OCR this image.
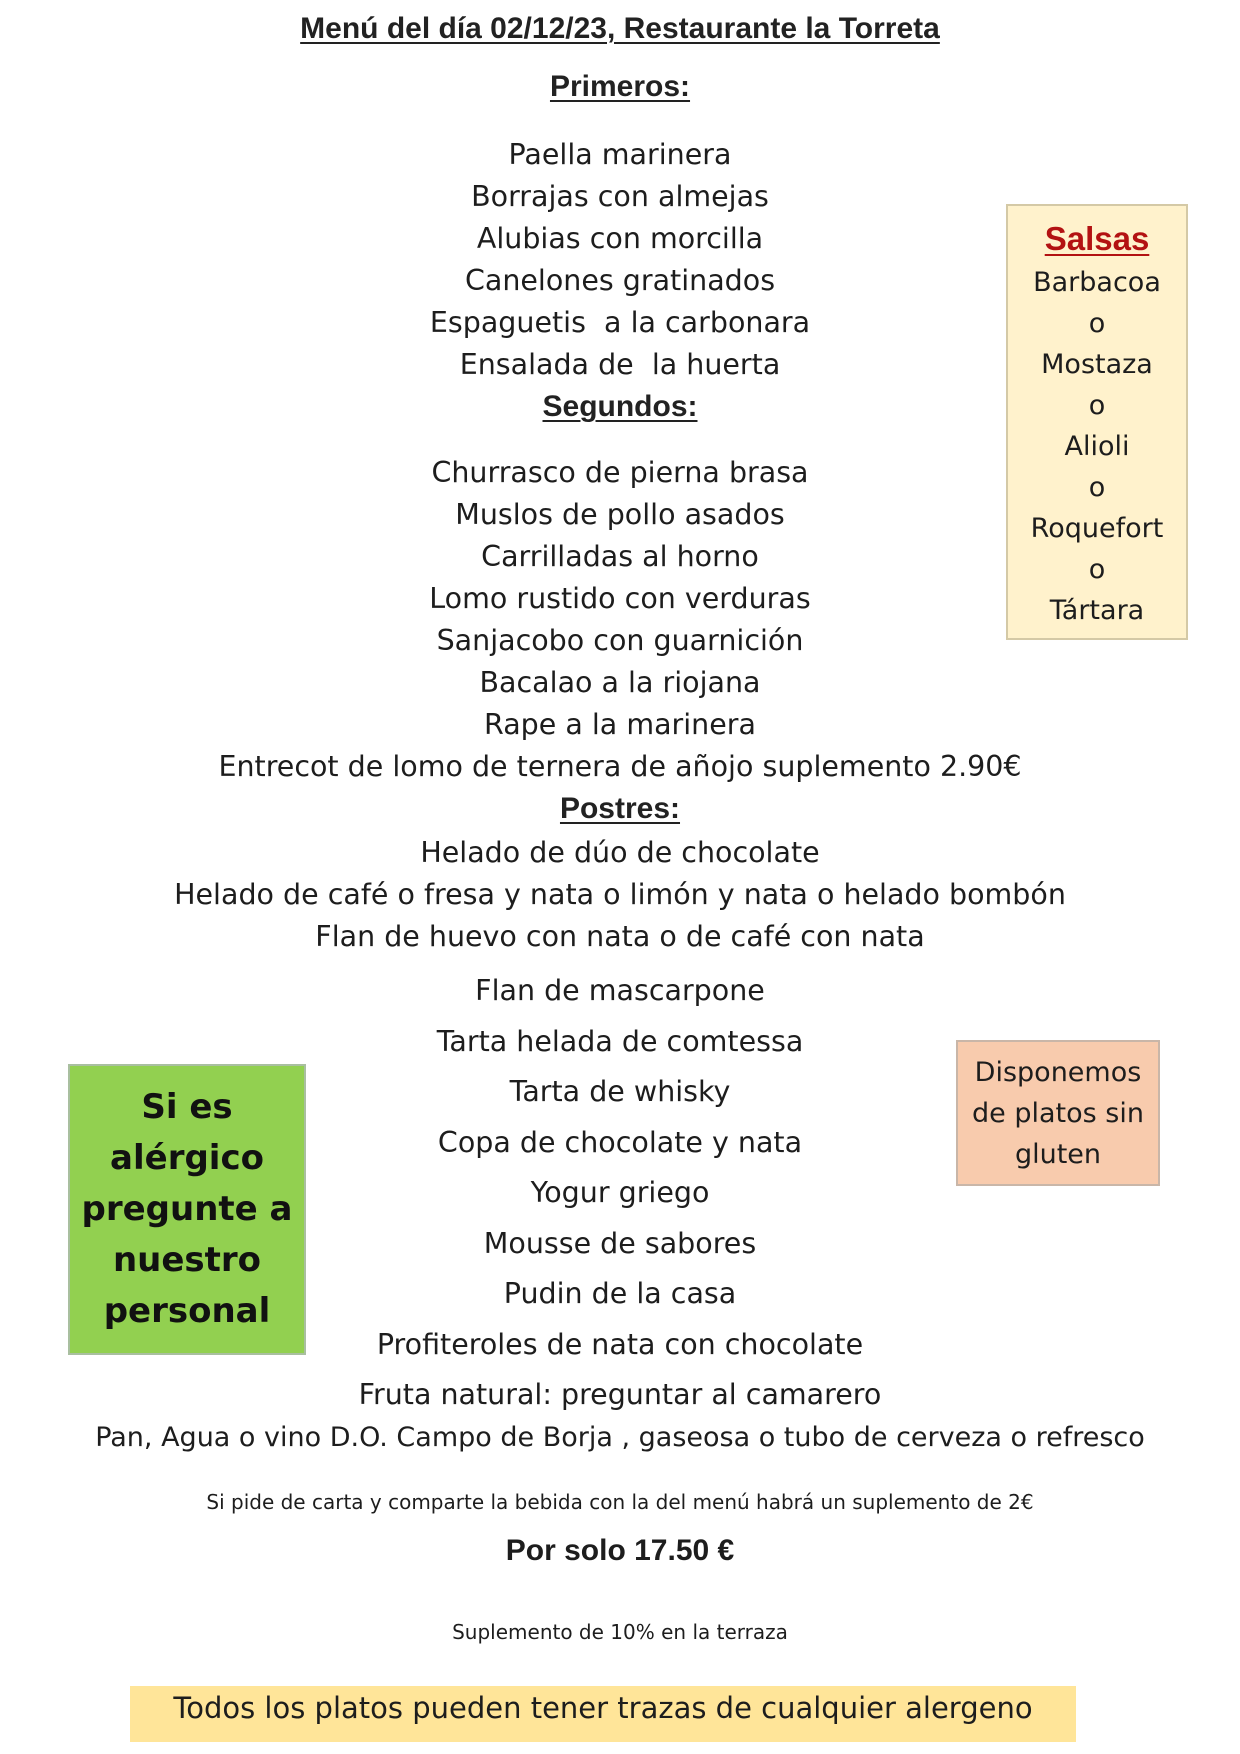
Menú del día 02/12/23, Restaurante la Torreta
Primeros:
Paella marinera
Borrajas con almejas
Alubias con morcilla
Canelones gratinados
Espaguetis  a la carbonara
Ensalada de  la huerta
Segundos:
Churrasco de pierna brasa
Muslos de pollo asados
Carrilladas al horno
Lomo rustido con verduras
Sanjacobo con guarnición
Bacalao a la riojana
Rape a la marinera
Entrecot de lomo de ternera de añojo suplemento 2.90€
Postres:
Helado de dúo de chocolate
Helado de café o fresa y nata o limón y nata o helado bombón
Flan de huevo con nata o de café con nata
Flan de mascarpone
Tarta helada de comtessa
Tarta de whisky
Copa de chocolate y nata
Yogur griego
Mousse de sabores
Pudin de la casa
Profiteroles de nata con chocolate
Fruta natural: preguntar al camarero
Salsas
Barbacoa
o
Mostaza
o
Alioli
o
Roquefort
o
Tártara
Si es alérgico pregunte a nuestro personal
Disponemos de platos sin gluten
Pan, Agua o vino D.O. Campo de Borja , gaseosa o tubo de cerveza o refresco
Si pide de carta y comparte la bebida con la del menú habrá un suplemento de 2€
Por solo 17.50 €
Suplemento de 10% en la terraza
Todos los platos pueden tener trazas de cualquier alergeno
